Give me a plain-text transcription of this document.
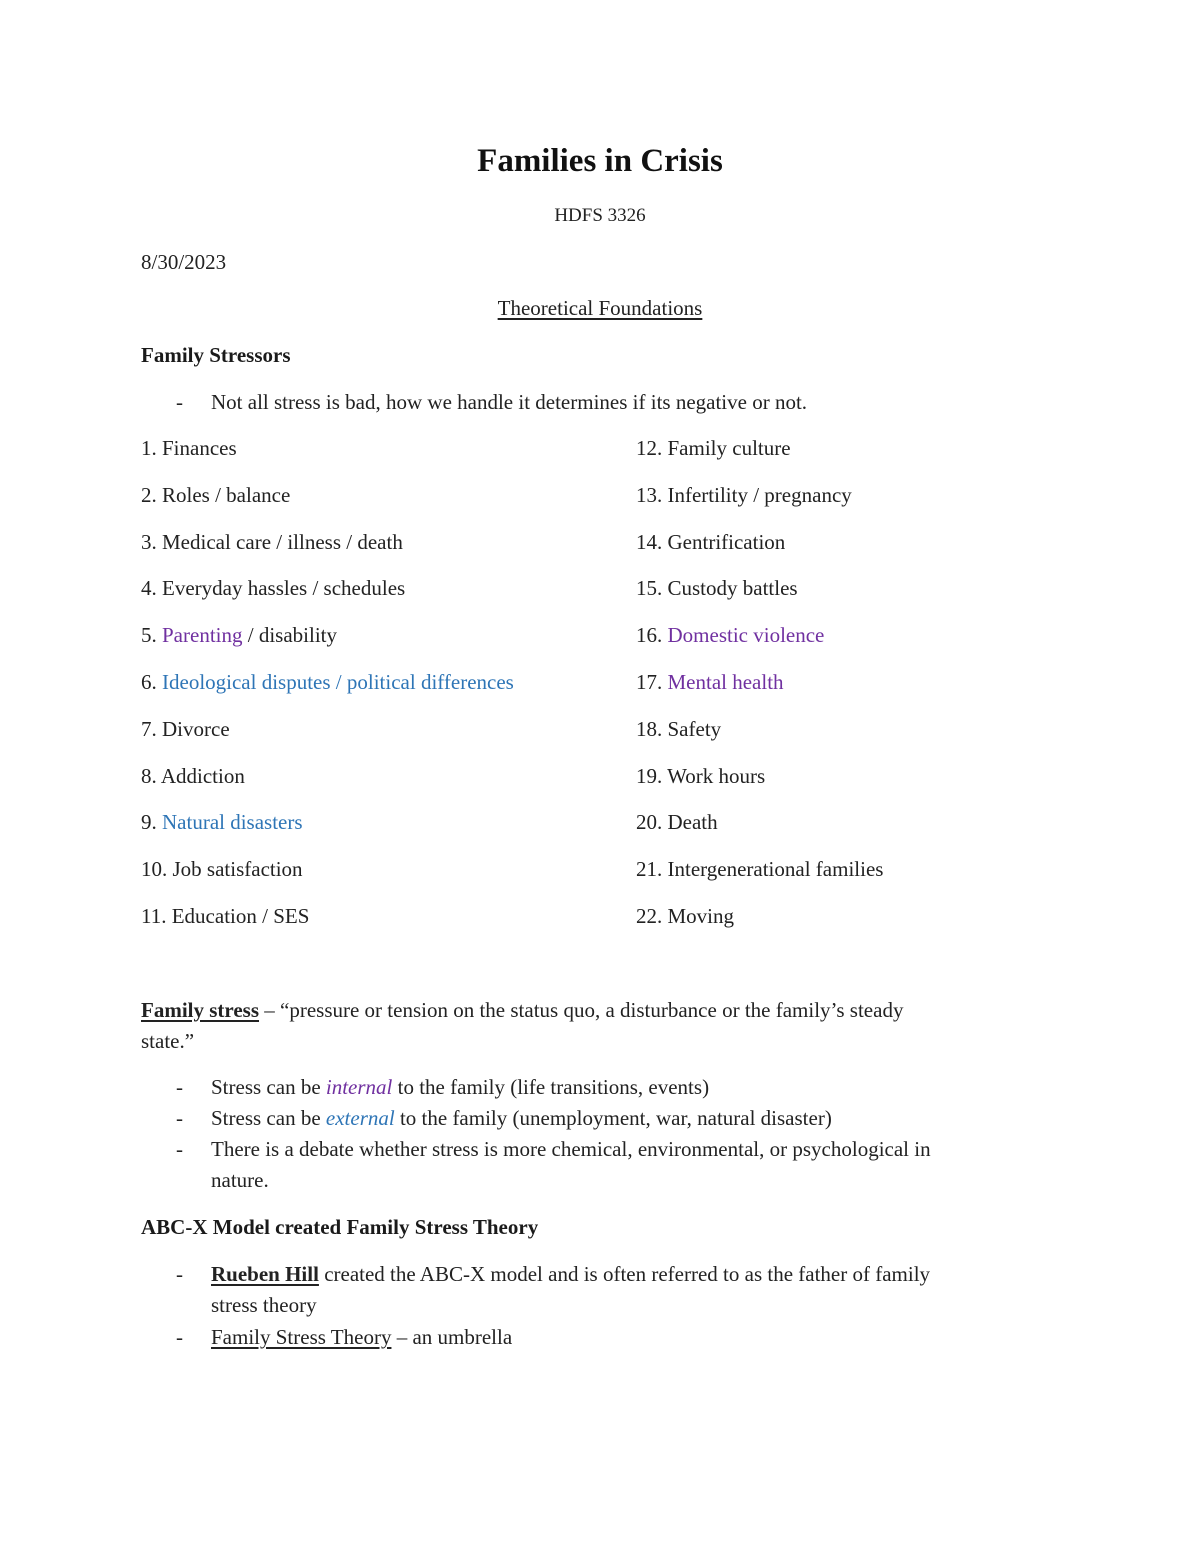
Families in Crisis
HDFS 3326
8/30/2023
Theoretical Foundations
Family Stressors
- Not all stress is bad, how we handle it determines if its negative or not.
1. Finances
2. Roles / balance
3. Medical care / illness / death
4. Everyday hassles / schedules
5. Parenting / disability
6. Ideological disputes / political differences
7. Divorce
8. Addiction
9. Natural disasters
10. Job satisfaction
11. Education / SES
12. Family culture
13. Infertility / pregnancy
14. Gentrification
15. Custody battles
16. Domestic violence
17. Mental health
18. Safety
19. Work hours
20. Death
21. Intergenerational families
22. Moving
Family stress – “pressure or tension on the status quo, a disturbance or the family’s steady
state.”
- Stress can be internal to the family (life transitions, events)
- Stress can be external to the family (unemployment, war, natural disaster)
- There is a debate whether stress is more chemical, environmental, or psychological in
nature.
ABC-X Model created Family Stress Theory
- Rueben Hill created the ABC-X model and is often referred to as the father of family
stress theory
- Family Stress Theory – an umbrella
